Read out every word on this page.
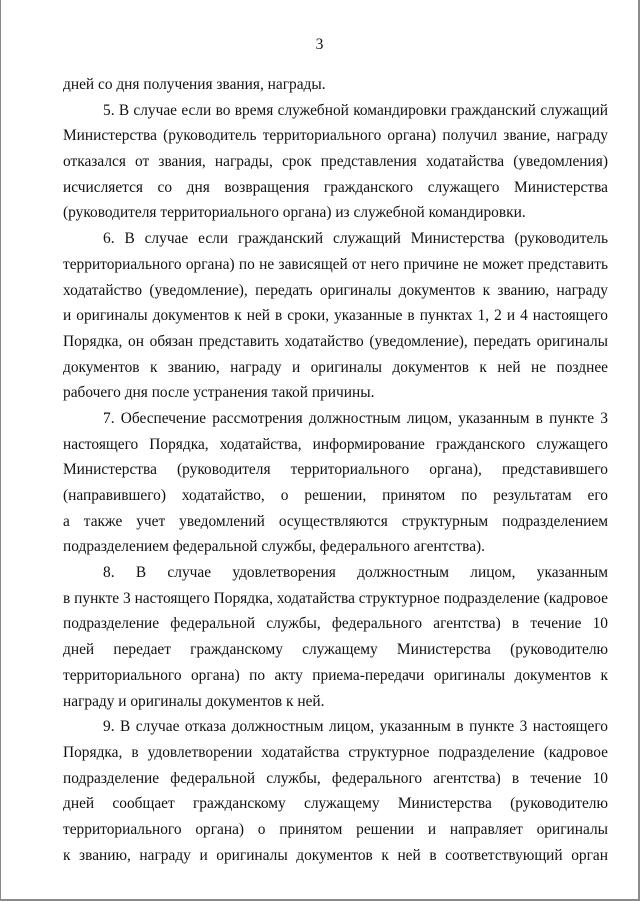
3
дней со дня получения звания, награды.
5. В случае если во время служебной командировки гражданский служащий
Министерства (руководитель территориального органа) получил звание, награду
отказался от звания, награды, срок представления ходатайства (уведомления)
исчисляется со дня возвращения гражданского служащего Министерства
(руководителя территориального органа) из служебной командировки.
6. В случае если гражданский служащий Министерства (руководитель
территориального органа) по не зависящей от него причине не может представить
ходатайство (уведомление), передать оригиналы документов к званию, награду
и оригиналы документов к ней в сроки, указанные в пунктах 1, 2 и 4 настоящего
Порядка, он обязан представить ходатайство (уведомление), передать оригиналы
документов к званию, награду и оригиналы документов к ней не позднее
рабочего дня после устранения такой причины.
7. Обеспечение рассмотрения должностным лицом, указанным в пункте 3
настоящего Порядка, ходатайства, информирование гражданского служащего
Министерства (руководителя территориального органа), представившего
(направившего) ходатайство, о решении, принятом по результатам его
а также учет уведомлений осуществляются структурным подразделением
подразделением федеральной службы, федерального агентства).
8. В случае удовлетворения должностным лицом, указанным
в пункте 3 настоящего Порядка, ходатайства структурное подразделение (кадровое
подразделение федеральной службы, федерального агентства) в течение 10
дней передает гражданскому служащему Министерства (руководителю
территориального органа) по акту приема-передачи оригиналы документов к
награду и оригиналы документов к ней.
9. В случае отказа должностным лицом, указанным в пункте 3 настоящего
Порядка, в удовлетворении ходатайства структурное подразделение (кадровое
подразделение федеральной службы, федерального агентства) в течение 10
дней сообщает гражданскому служащему Министерства (руководителю
территориального органа) о принятом решении и направляет оригиналы
к званию, награду и оригиналы документов к ней в соответствующий орган
